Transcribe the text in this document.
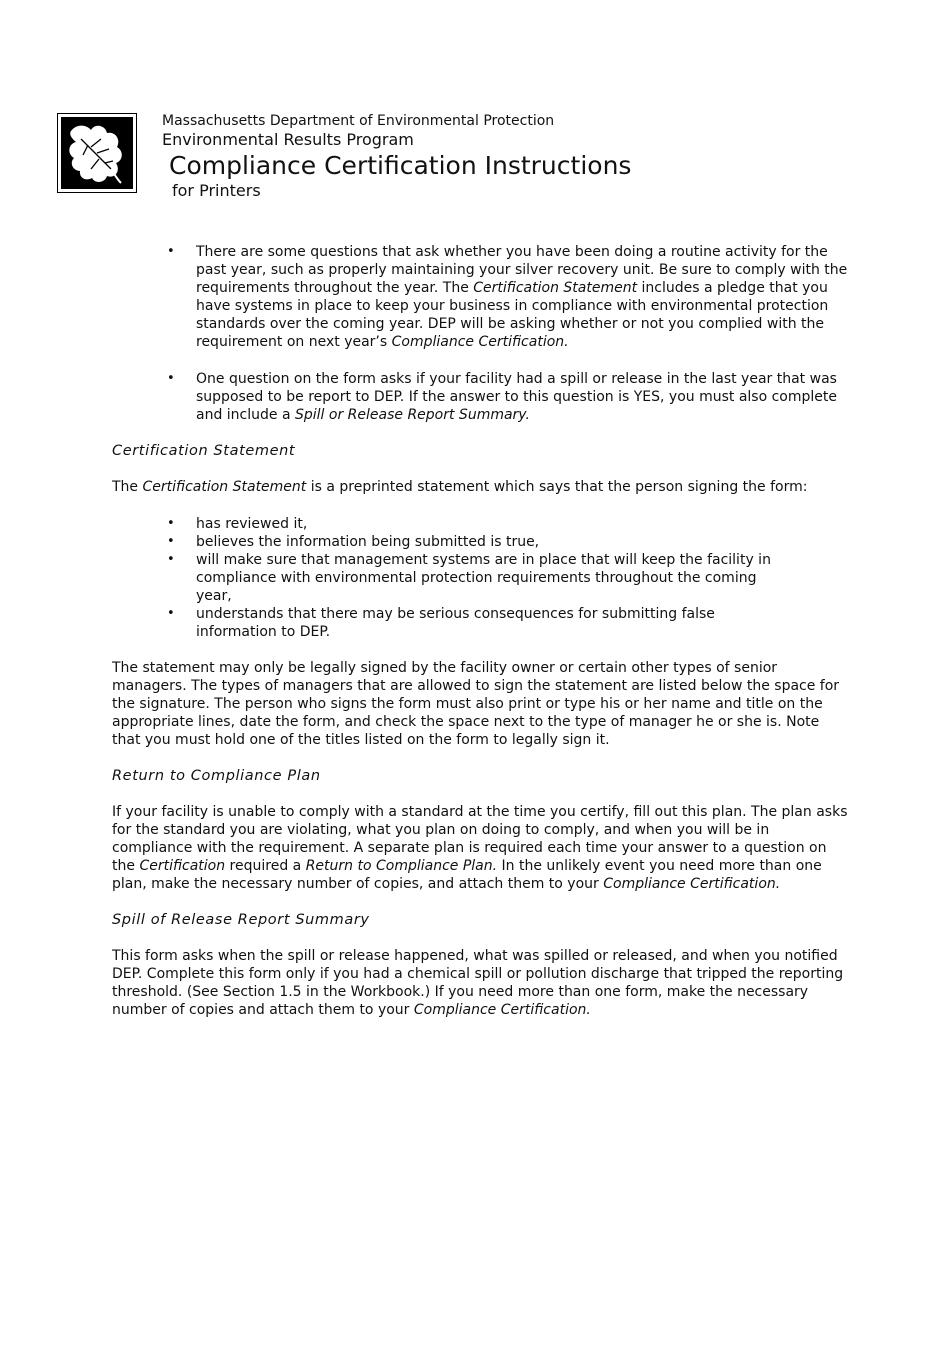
Massachusetts Department of Environmental Protection

Environmental Results Program

Compliance Certification Instructions

for Printers

• There are some questions that ask whether you have been doing a routine activity for the past year, such as properly maintaining your silver recovery unit. Be sure to comply with the requirements throughout the year. The Certification Statement includes a pledge that you have systems in place to keep your business in compliance with environmental protection standards over the coming year. DEP will be asking whether or not you complied with the requirement on next year’s Compliance Certification.
• One question on the form asks if your facility had a spill or release in the last year that was supposed to be report to DEP. If the answer to this question is YES, you must also complete and include a Spill or Release Report Summary.

Certification Statement

The Certification Statement is a preprinted statement which says that the person signing the form:

• has reviewed it,
• believes the information being submitted is true,
• will make sure that management systems are in place that will keep the facility in compliance with environmental protection requirements throughout the coming year,
• understands that there may be serious consequences for submitting false information to DEP.

The statement may only be legally signed by the facility owner or certain other types of senior managers. The types of managers that are allowed to sign the statement are listed below the space for the signature. The person who signs the form must also print or type his or her name and title on the appropriate lines, date the form, and check the space next to the type of manager he or she is. Note that you must hold one of the titles listed on the form to legally sign it.

Return to Compliance Plan

If your facility is unable to comply with a standard at the time you certify, fill out this plan. The plan asks for the standard you are violating, what you plan on doing to comply, and when you will be in compliance with the requirement. A separate plan is required each time your answer to a question on the Certification required a Return to Compliance Plan. In the unlikely event you need more than one plan, make the necessary number of copies, and attach them to your Compliance Certification.

Spill of Release Report Summary

This form asks when the spill or release happened, what was spilled or released, and when you notified DEP. Complete this form only if you had a chemical spill or pollution discharge that tripped the reporting threshold. (See Section 1.5 in the Workbook.) If you need more than one form, make the necessary number of copies and attach them to your Compliance Certification.
